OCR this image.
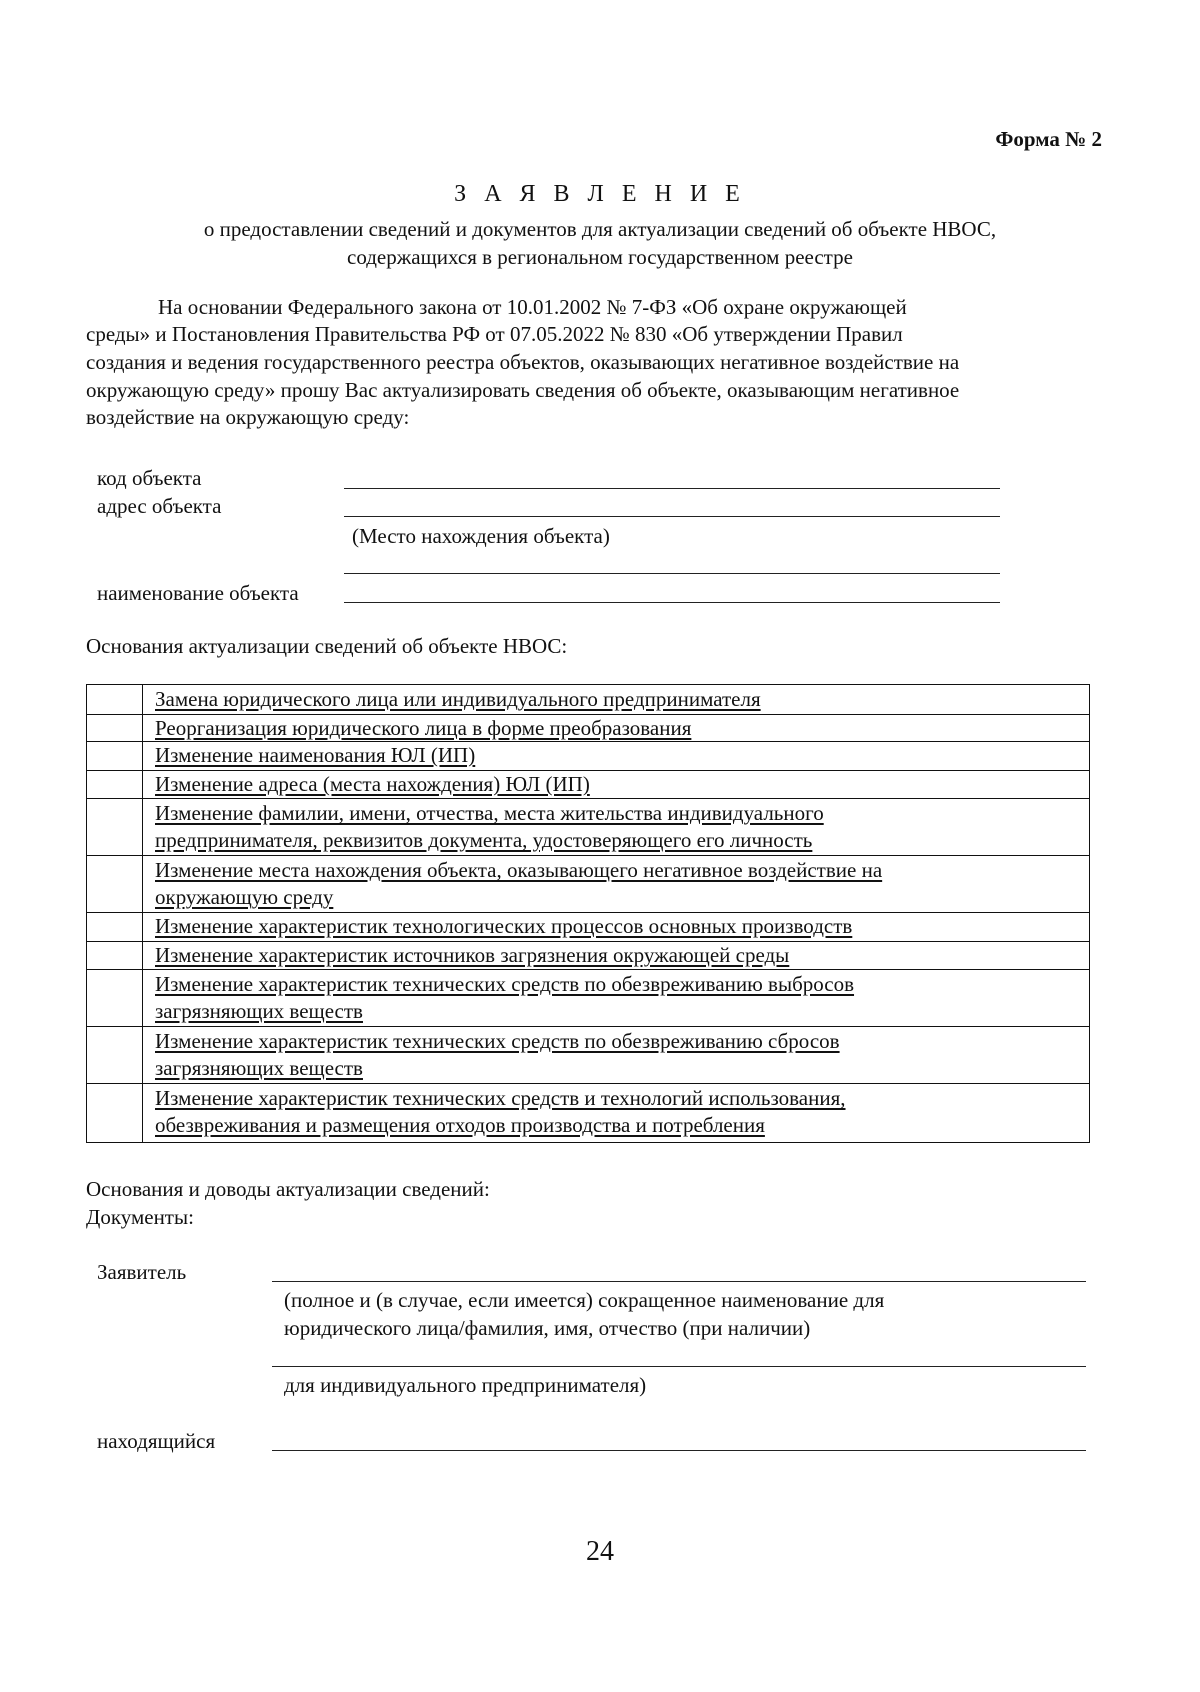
Форма № 2
З А Я В Л Е Н И Е
о предоставлении сведений и документов для актуализации сведений об объекте НВОС,
содержащихся в региональном государственном реестре
На основании Федерального закона от 10.01.2002 № 7-ФЗ «Об охране окружающей
среды» и Постановления Правительства РФ от 07.05.2022 № 830 «Об утверждении Правил
создания и ведения государственного реестра объектов, оказывающих негативное воздействие на
окружающую среду» прошу Вас актуализировать сведения об объекте, оказывающим негативное
воздействие на окружающую среду:
код объекта
адрес объекта
(Место нахождения объекта)
наименование объекта
Основания актуализации сведений об объекте НВОС:
Замена юридического лица или индивидуального предпринимателя
Реорганизация юридического лица в форме преобразования
Изменение наименования ЮЛ (ИП)
Изменение адреса (места нахождения) ЮЛ (ИП)
Изменение фамилии, имени, отчества, места жительства индивидуального
предпринимателя, реквизитов документа, удостоверяющего его личность
Изменение места нахождения объекта, оказывающего негативное воздействие на
окружающую среду
Изменение характеристик технологических процессов основных производств
Изменение характеристик источников загрязнения окружающей среды
Изменение характеристик технических средств по обезвреживанию выбросов
загрязняющих веществ
Изменение характеристик технических средств по обезвреживанию сбросов
загрязняющих веществ
Изменение характеристик технических средств и технологий использования,
обезвреживания и размещения отходов производства и потребления
Основания и доводы актуализации сведений:
Документы:
Заявитель
(полное и (в случае, если имеется) сокращенное наименование для
юридического лица/фамилия, имя, отчество (при наличии)
для индивидуального предпринимателя)
находящийся
24
